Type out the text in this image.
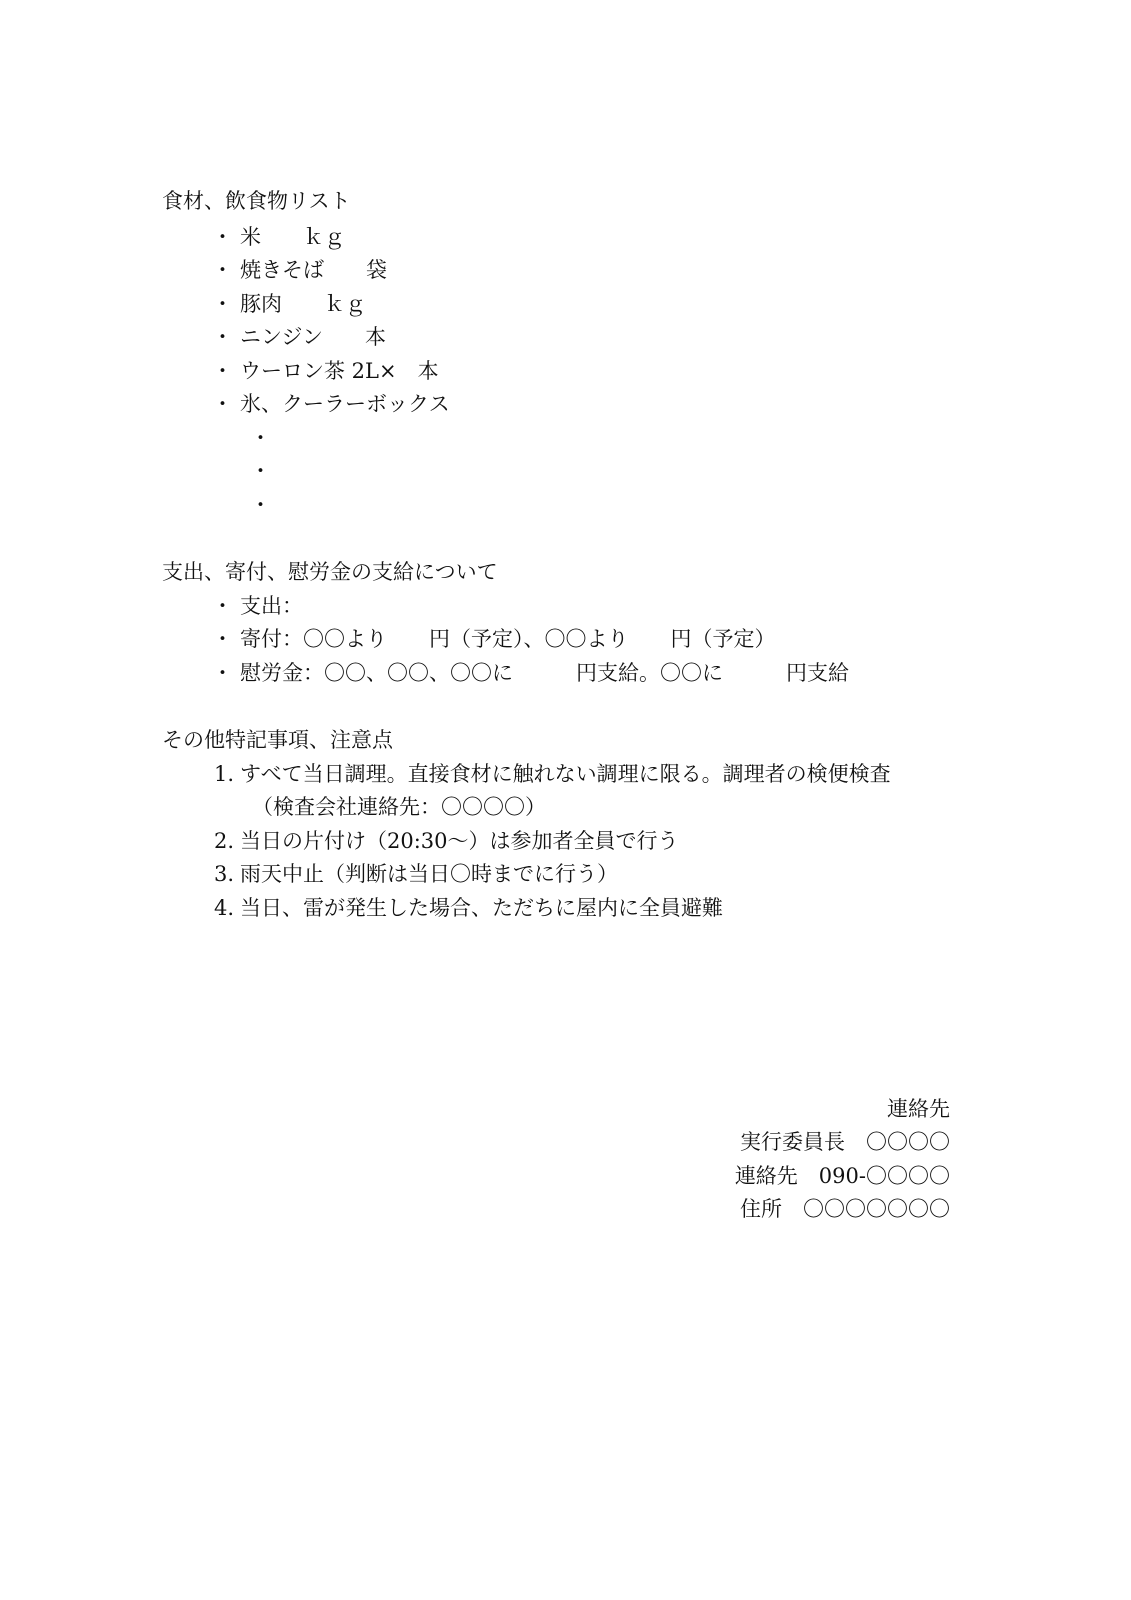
食材、飲食物リスト
・ 米　　ｋｇ
・ 焼きそば　　袋
・ 豚肉　　ｋｇ
・ ニンジン　　本
・ ウーロン茶 2L×　本
・ 氷、クーラーボックス
・
・
・
支出、寄付、慰労金の支給について
・ 支出：
・ 寄付：〇〇より　　円（予定）、〇〇より　　円（予定）
・ 慰労金：〇〇、〇〇、〇〇に　　　円支給。〇〇に　　　円支給
その他特記事項、注意点
1. すべて当日調理。直接食材に触れない調理に限る。調理者の検便検査
（検査会社連絡先：〇〇〇〇）
2. 当日の片付け（20:30〜）は参加者全員で行う
3. 雨天中止（判断は当日〇時までに行う）
4. 当日、雷が発生した場合、ただちに屋内に全員避難
連絡先
実行委員長　〇〇〇〇
連絡先　090-〇〇〇〇
住所　〇〇〇〇〇〇〇
